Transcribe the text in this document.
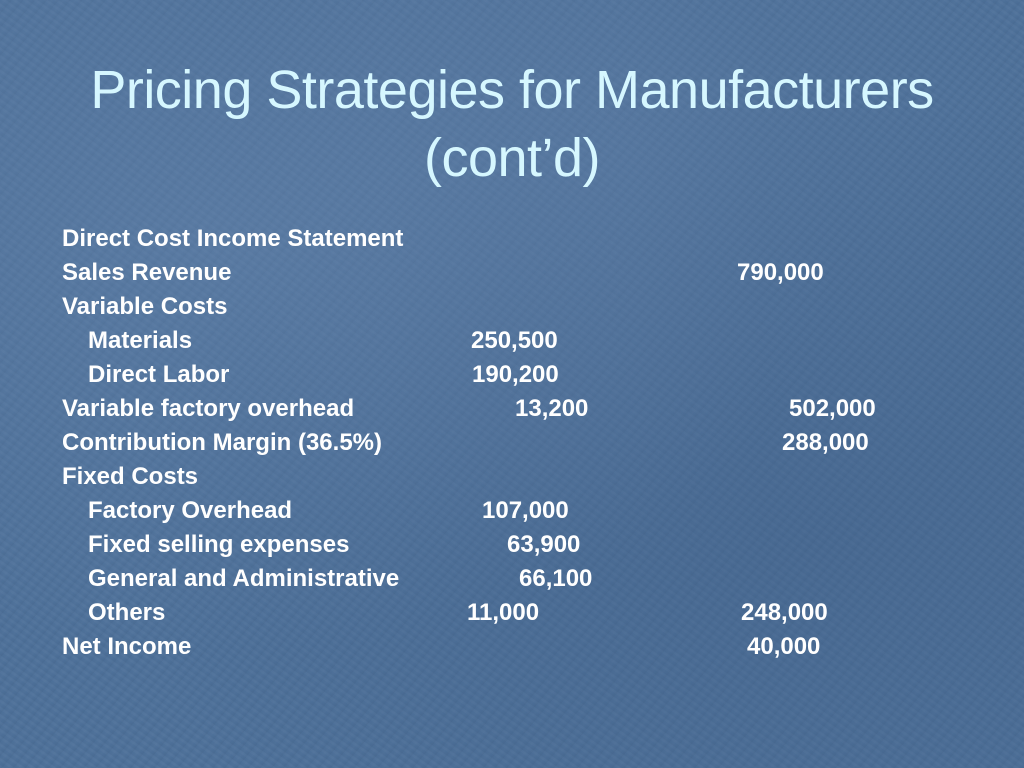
Pricing Strategies for Manufacturers
(cont’d)
Direct Cost Income Statement
Sales Revenue	790,000
Variable Costs
Materials	250,500
Direct Labor	190,200
Variable factory overhead	13,200	502,000
Contribution Margin (36.5%)	288,000
Fixed Costs
Factory Overhead	107,000
Fixed selling expenses	63,900
General and Administrative	66,100
Others	11,000	248,000
Net Income	40,000
